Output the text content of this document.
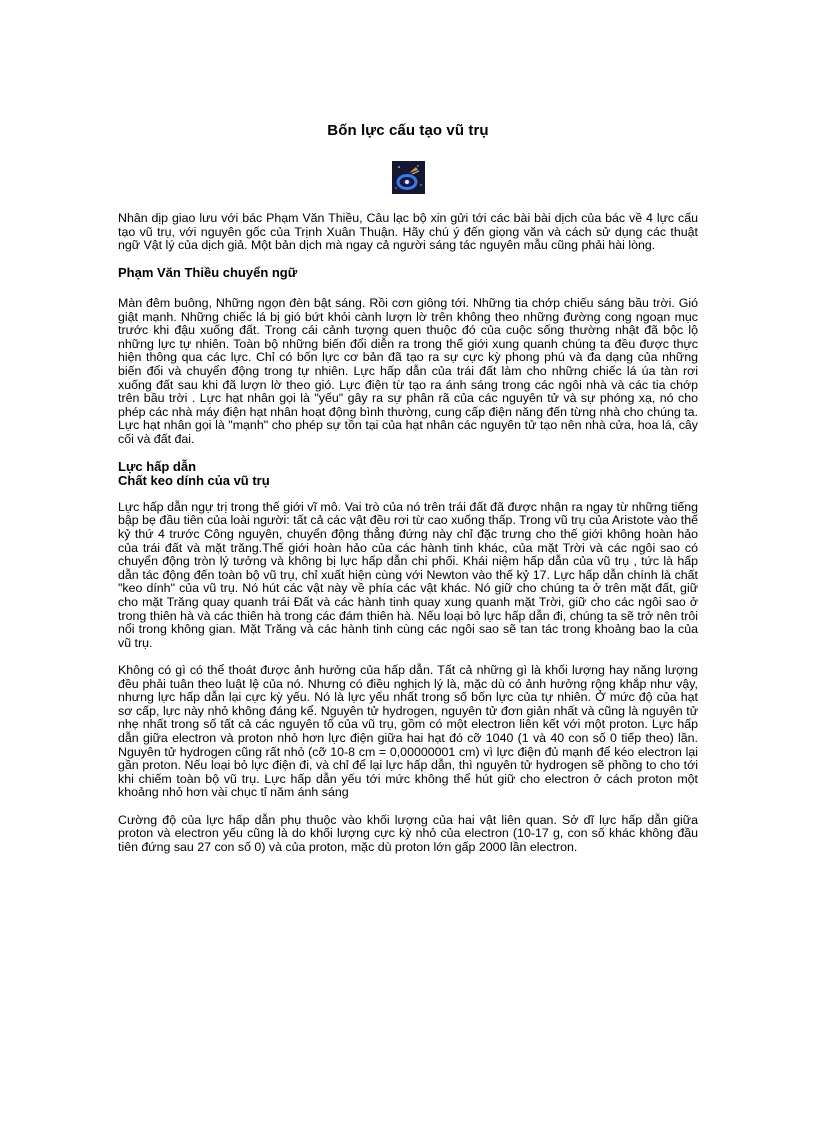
Bốn lực cấu tạo vũ trụ

Nhân dịp giao lưu với bác Phạm Văn Thiều, Câu lạc bộ xin gửi tới các bài bài dịch của bác về 4 lực cấu tạo vũ trụ, với nguyên gốc của Trịnh Xuân Thuận. Hãy chú ý đến giọng văn và cách sử dụng các thuật ngữ Vật lý của dịch giả. Một bản dịch mà ngay cả người sáng tác nguyên mẫu cũng phải hài lòng.

Phạm Văn Thiều chuyển ngữ

Màn đêm buông, Những ngọn đèn bật sáng. Rồi cơn giông tới. Những tia chớp chiếu sáng bầu trời. Gió giật mạnh. Những chiếc lá bị gió bứt khỏi cành lượn lờ trên không theo những đường cong ngoạn mục trước khi đậu xuống đất. Trong cái cảnh tượng quen thuộc đó của cuộc sống thường nhật đã bộc lộ những lực tự nhiên. Toàn bộ những biến đổi diễn ra trong thế giới xung quanh chúng ta đều được thực hiện thông qua các lực. Chỉ có bốn lực cơ bản đã tạo ra sự cực kỳ phong phú và đa dạng của những biến đổi và chuyển động trong tự nhiên. Lực hấp dẫn của trái đất làm cho những chiếc lá úa tàn rơi xuống đất sau khi đã lượn lờ theo gió. Lực điện từ tạo ra ánh sáng trong các ngôi nhà và các tia chớp trên bầu trời . Lực hạt nhân gọi là "yếu" gây ra sự phân rã của các nguyên tử và sự phóng xạ, nó cho phép các nhà máy điện hạt nhân hoạt động bình thường, cung cấp điện năng đến từng nhà cho chúng ta. Lực hạt nhân gọi là "mạnh" cho phép sự tồn tại của hạt nhân các nguyên tử tạo nên nhà cửa, hoa lá, cây cối và đất đai.

Lực hấp dẫn
Chất keo dính của vũ trụ

Lực hấp dẫn ngự trị trong thế giới vĩ mô. Vai trò của nó trên trái đất đã được nhận ra ngay từ những tiếng bập bẹ đầu tiên của loài người: tất cả các vật đều rơi từ cao xuống thấp. Trong vũ trụ của Aristote vào thế kỷ thứ 4 trước Công nguyên, chuyển động thẳng đứng này chỉ đặc trưng cho thế giới không hoàn hảo của trái đất và mặt trăng.Thế giới hoàn hảo của các hành tinh khác, của mặt Trời và các ngôi sao có chuyển động tròn lý tưởng và không bị lực hấp dẫn chi phối. Khái niệm hấp dẫn của vũ trụ , tức là hấp dẫn tác động đến toàn bộ vũ trụ, chỉ xuất hiện cùng với Newton vào thế kỷ 17. Lực hấp dẫn chính là chất "keo dính" của vũ trụ. Nó hút các vật này về phía các vật khác. Nó giữ cho chúng ta ở trên mặt đất, giữ cho mặt Trăng quay quanh trái Đất và các hành tinh quay xung quanh mặt Trời, giữ cho các ngôi sao ở trong thiên hà và các thiên hà trong các đám thiên hà. Nếu loại bỏ lực hấp dẫn đi, chúng ta sẽ trở nên trôi nổi trong không gian. Mặt Trăng và các hành tinh cùng các ngôi sao sẽ tan tác trong khoảng bao la của vũ trụ.

Không có gì có thể thoát được ảnh hưởng của hấp dẫn. Tất cả những gì là khối lượng hay năng lượng đều phải tuân theo luật lệ của nó. Nhưng có điều nghịch lý là, mặc dù có ảnh hưởng rộng khắp như vậy, nhưng lực hấp dẫn lại cực kỳ yếu. Nó là lực yếu nhất trong số bốn lực của tự nhiên. Ở mức độ của hạt sơ cấp, lực này nhỏ không đáng kể. Nguyên tử hydrogen, nguyên tử đơn giản nhất và cũng là nguyên tử nhẹ nhất trong số tất cả các nguyên tố của vũ trụ, gồm có một electron liên kết với một proton. Lực hấp dẫn giữa electron và proton nhỏ hơn lực điện giữa hai hạt đó cỡ 1040 (1 và 40 con số 0 tiếp theo) lần. Nguyên tử hydrogen cũng rất nhỏ (cỡ 10-8 cm = 0,00000001 cm) vì lực điện đủ mạnh để kéo electron lại gần proton. Nếu loại bỏ lực điện đi, và chỉ để lại lực hấp dẫn, thì nguyên tử hydrogen sẽ phồng to cho tới khi chiếm toàn bộ vũ trụ. Lực hấp dẫn yếu tới mức không thể hút giữ cho electron ở cách proton một khoảng nhỏ hơn vài chục tỉ năm ánh sáng

Cường độ của lực hấp dẫn phụ thuộc vào khối lượng của hai vật liên quan. Sở dĩ lực hấp dẫn giữa proton và electron yếu cũng là do khối lượng cực kỳ nhỏ của electron (10-17 g, con số khác không đầu tiên đứng sau 27 con số 0) và của proton, mặc dù proton lớn gấp 2000 lần electron.
